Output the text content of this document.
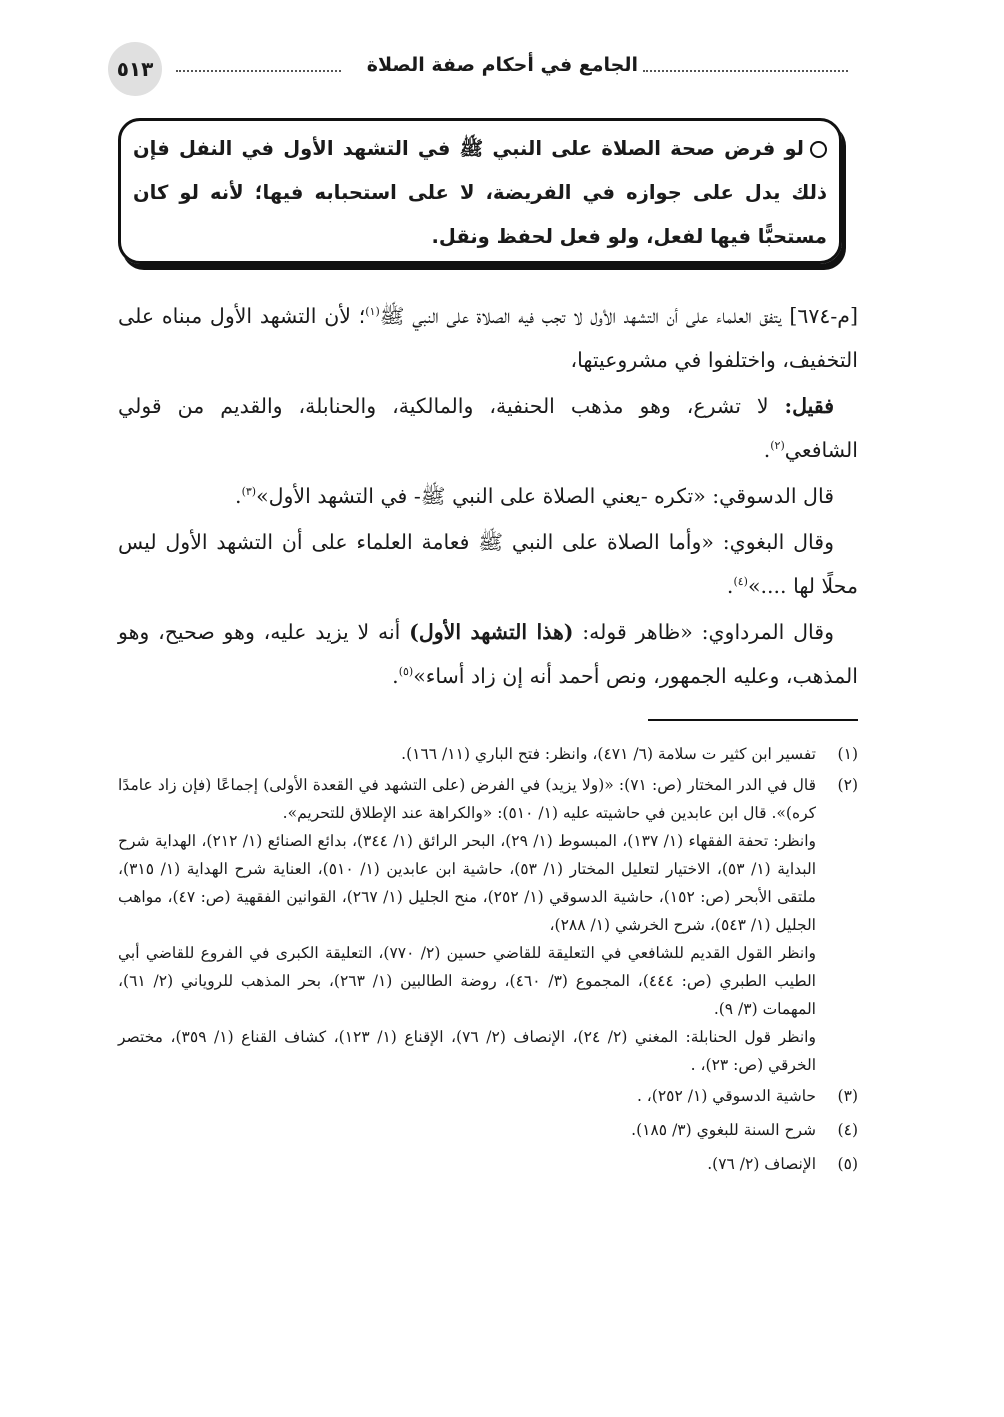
٥١٣	الجامع في أحكام صفة الصلاة
لو فرض صحة الصلاة على النبي ﷺ في التشهد الأول في النفل فإن ذلك يدل على جوازه في الفريضة، لا على استحبابه فيها؛ لأنه لو كان مستحبًّا فيها لفعل، ولو فعل لحفظ ونقل.

[م-٦٧٤] يتفق العلماء على أن التشهد الأول لا تجب فيه الصلاة على النبي ﷺ$^{(١)}$؛ لأن التشهد الأول مبناه على التخفيف، واختلفوا في مشروعيتها،

فقيل: لا تشرع، وهو مذهب الحنفية، والمالكية، والحنابلة، والقديم من قولي الشافعي$^{(٢)}$.

قال الدسوقي: «تكره -يعني الصلاة على النبي ﷺ- في التشهد الأول»$^{(٣)}$.

وقال البغوي: «وأما الصلاة على النبي ﷺ فعامة العلماء على أن التشهد الأول ليس محلًا لها ....»$^{(٤)}$.

وقال المرداوي: «ظاهر قوله: (هذا التشهد الأول) أنه لا يزيد عليه، وهو صحيح، وهو المذهب، وعليه الجمهور، ونص أحمد أنه إن زاد أساء»$^{(٥)}$.

(١)
تفسير ابن كثير ت سلامة (٦/ ٤٧١)، وانظر: فتح الباري (١١/ ١٦٦).
(٢)
قال في الدر المختار (ص: ٧١): «(ولا يزيد) في الفرض (على التشهد في القعدة الأولى) إجماعًا (فإن زاد عامدًا كره)». قال ابن عابدين في حاشيته عليه (١/ ٥١٠): «والكراهة عند الإطلاق للتحريم».
وانظر: تحفة الفقهاء (١/ ١٣٧)، المبسوط (١/ ٢٩)، البحر الرائق (١/ ٣٤٤)، بدائع الصنائع (١/ ٢١٢)، الهداية شرح البداية (١/ ٥٣)، الاختيار لتعليل المختار (١/ ٥٣)، حاشية ابن عابدين (١/ ٥١٠)، العناية شرح الهداية (١/ ٣١٥)، ملتقى الأبحر (ص: ١٥٢)، حاشية الدسوقي (١/ ٢٥٢)، منح الجليل (١/ ٢٦٧)، القوانين الفقهية (ص: ٤٧)، مواهب الجليل (١/ ٥٤٣)، شرح الخرشي (١/ ٢٨٨)،
وانظر القول القديم للشافعي في التعليقة للقاضي حسين (٢/ ٧٧٠)، التعليقة الكبرى في الفروع للقاضي أبي الطيب الطبري (ص: ٤٤٤)، المجموع (٣/ ٤٦٠)، روضة الطالبين (١/ ٢٦٣)، بحر المذهب للروياني (٢/ ٦١)، المهمات (٣/ ٩).
وانظر قول الحنابلة: المغني (٢/ ٢٤)، الإنصاف (٢/ ٧٦)، الإقناع (١/ ١٢٣)، كشاف القناع (١/ ٣٥٩)، مختصر الخرقي (ص: ٢٣)، .
(٣)
حاشية الدسوقي (١/ ٢٥٢)، .
(٤)
شرح السنة للبغوي (٣/ ١٨٥).
(٥)
الإنصاف (٢/ ٧٦).
